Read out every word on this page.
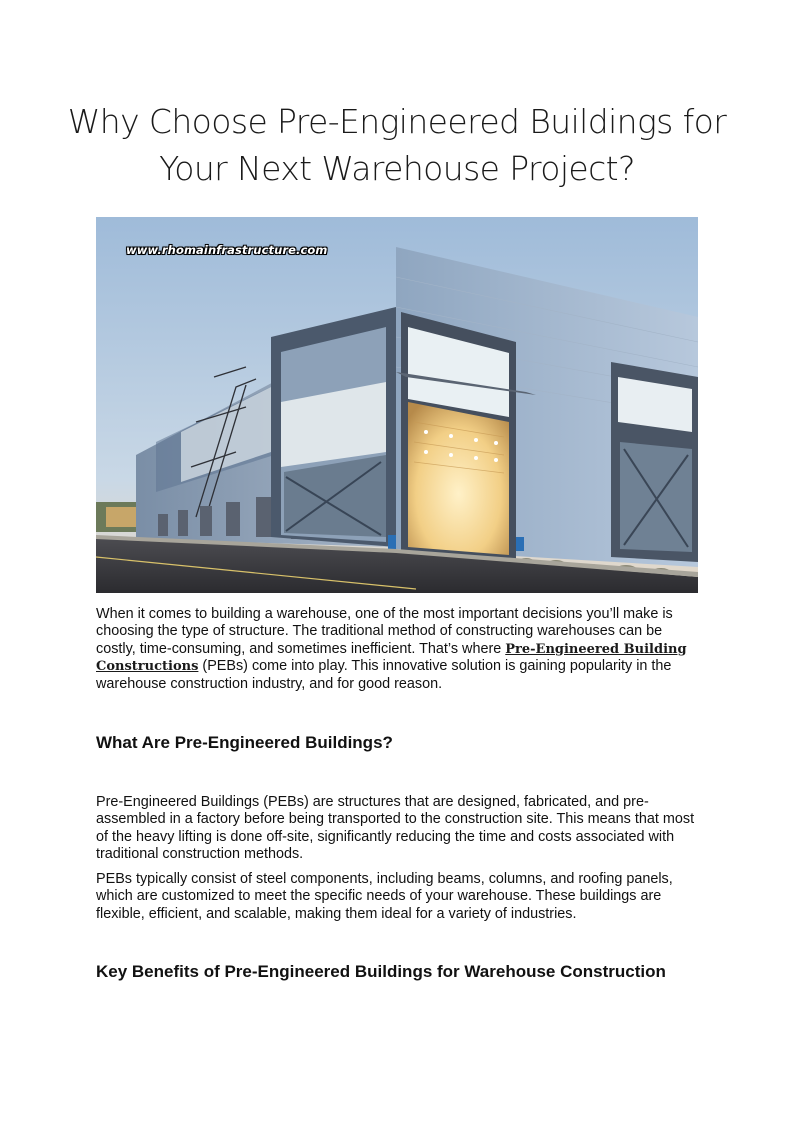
Why Choose Pre-Engineered Buildings for
Your Next Warehouse Project?
www.rhomainfrastructure.com

When it comes to building a warehouse, one of the most important decisions you’ll make is choosing the type of structure. The traditional method of constructing warehouses can be costly, time-consuming, and sometimes inefficient. That’s where Pre-Engineered Building Constructions (PEBs) come into play. This innovative solution is gaining popularity in the warehouse construction industry, and for good reason.

What Are Pre-Engineered Buildings?

Pre-Engineered Buildings (PEBs) are structures that are designed, fabricated, and pre-assembled in a factory before being transported to the construction site. This means that most of the heavy lifting is done off-site, significantly reducing the time and costs associated with traditional construction methods.

PEBs typically consist of steel components, including beams, columns, and roofing panels, which are customized to meet the specific needs of your warehouse. These buildings are flexible, efficient, and scalable, making them ideal for a variety of industries.

Key Benefits of Pre-Engineered Buildings for Warehouse Construction
